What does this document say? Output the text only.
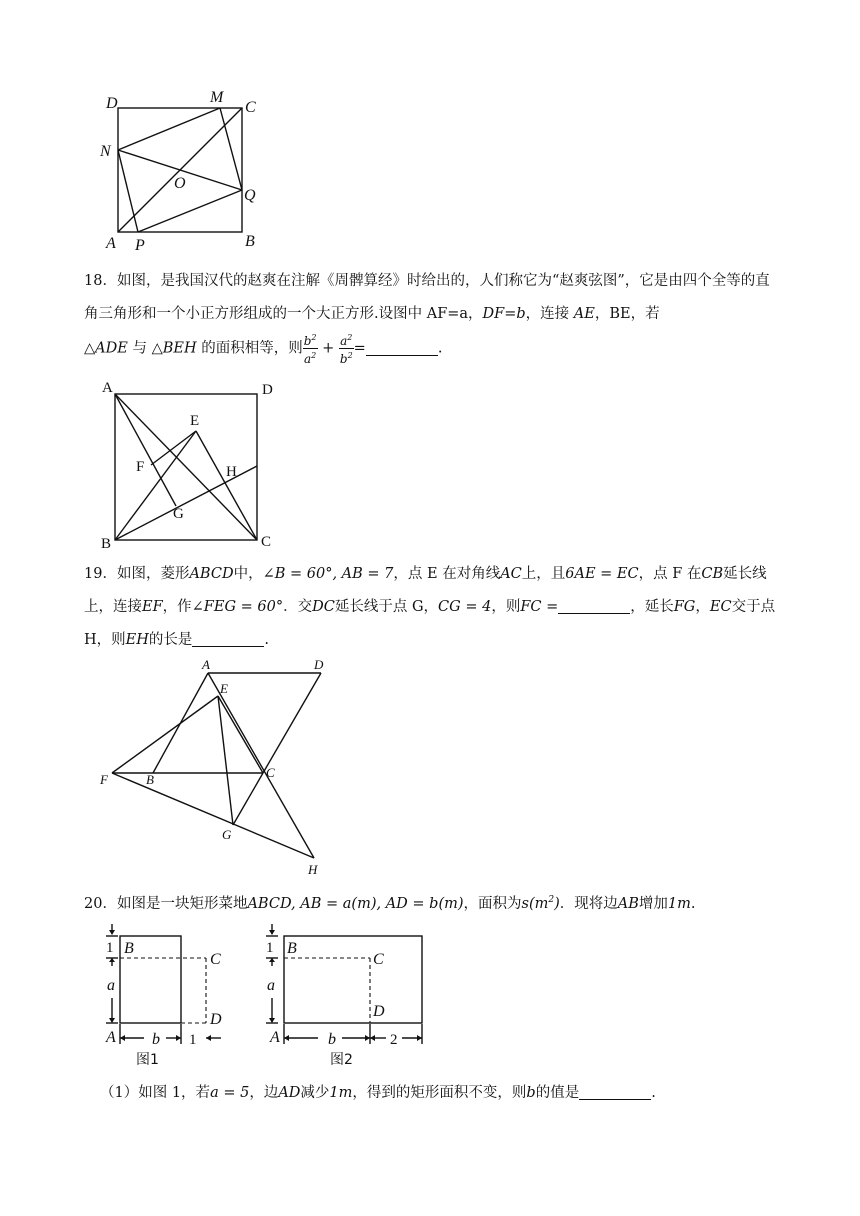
D	M
C
N
O
Q
A P	B

18．如图，是我国汉代的赵爽在注解《周髀算经》时给出的，人们称它为“赵爽弦图”，它是由四个全等的直角三角形和一个小正方形组成的一个大正方形.设图中 AF=a，DF=b，连接 AE，BE，若
△ADE 与 △BEH 的面积相等，则 $\frac{b^2}{a^2} + \frac{a^2}{b^2}$ =	.

A	D
E
F	H
G
B	C

19．如图，菱形ABCD中，∠B = 60°, AB = 7，点 E 在对角线AC上，且6AE = EC，点 F 在CB延长线上，连接EF，作∠FEG = 60°．交DC延长线于点 G，CG = 4，则FC =	，延长FG，EC交于点 H，则EH的长是	.

A	D
E
F	B	C
G
H

20．如图是一块矩形菜地ABCD, AB = a(m), AD = b(m)，面积为$s(m^2)$．现将边AB增加1m.

1
a
B
C
D
A b 1
图1
1
a
B
C
D
A	b	2
图2

（1）如图 1，若a = 5，边AD减少1m，得到的矩形面积不变，则b的值是	.
